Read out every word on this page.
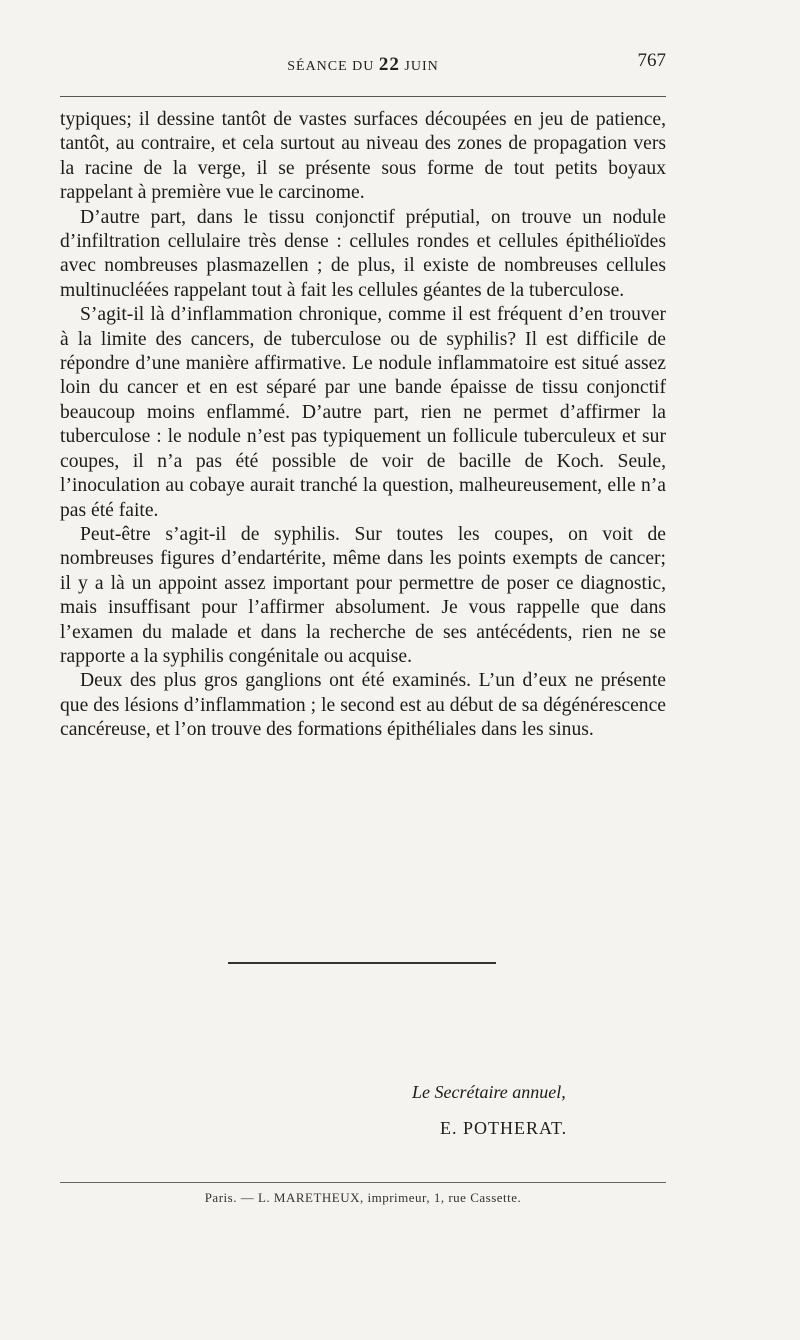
SÉANCE DU 22 JUIN	767

typiques; il dessine tantôt de vastes surfaces découpées en jeu de patience, tantôt, au contraire, et cela surtout au niveau des zones de propagation vers la racine de la verge, il se présente sous forme de tout petits boyaux rappelant à première vue le carcinome.

D’autre part, dans le tissu conjonctif préputial, on trouve un nodule d’infiltration cellulaire très dense : cellules rondes et cellules épithélioïdes avec nombreuses plasmazellen ; de plus, il existe de nombreuses cellules multinucléées rappelant tout à fait les cellules géantes de la tuberculose.

S’agit-il là d’inflammation chronique, comme il est fréquent d’en trouver à la limite des cancers, de tuberculose ou de syphilis? Il est difficile de répondre d’une manière affirmative. Le nodule inflammatoire est situé assez loin du cancer et en est séparé par une bande épaisse de tissu conjonctif beaucoup moins enflammé. D’autre part, rien ne permet d’affirmer la tuberculose : le nodule n’est pas typiquement un follicule tuberculeux et sur coupes, il n’a pas été possible de voir de bacille de Koch. Seule, l’inoculation au cobaye aurait tranché la question, malheureusement, elle n’a pas été faite.

Peut-être s’agit-il de syphilis. Sur toutes les coupes, on voit de nombreuses figures d’endartérite, même dans les points exempts de cancer; il y a là un appoint assez important pour permettre de poser ce diagnostic, mais insuffisant pour l’affirmer absolument. Je vous rappelle que dans l’examen du malade et dans la recherche de ses antécédents, rien ne se rapporte a la syphilis congénitale ou acquise.

Deux des plus gros ganglions ont été examinés. L’un d’eux ne présente que des lésions d’inflammation ; le second est au début de sa dégénérescence cancéreuse, et l’on trouve des formations épithéliales dans les sinus.

Le Secrétaire annuel,
E. POTHERAT.
Paris. — L. MARETHEUX, imprimeur, 1, rue Cassette.
